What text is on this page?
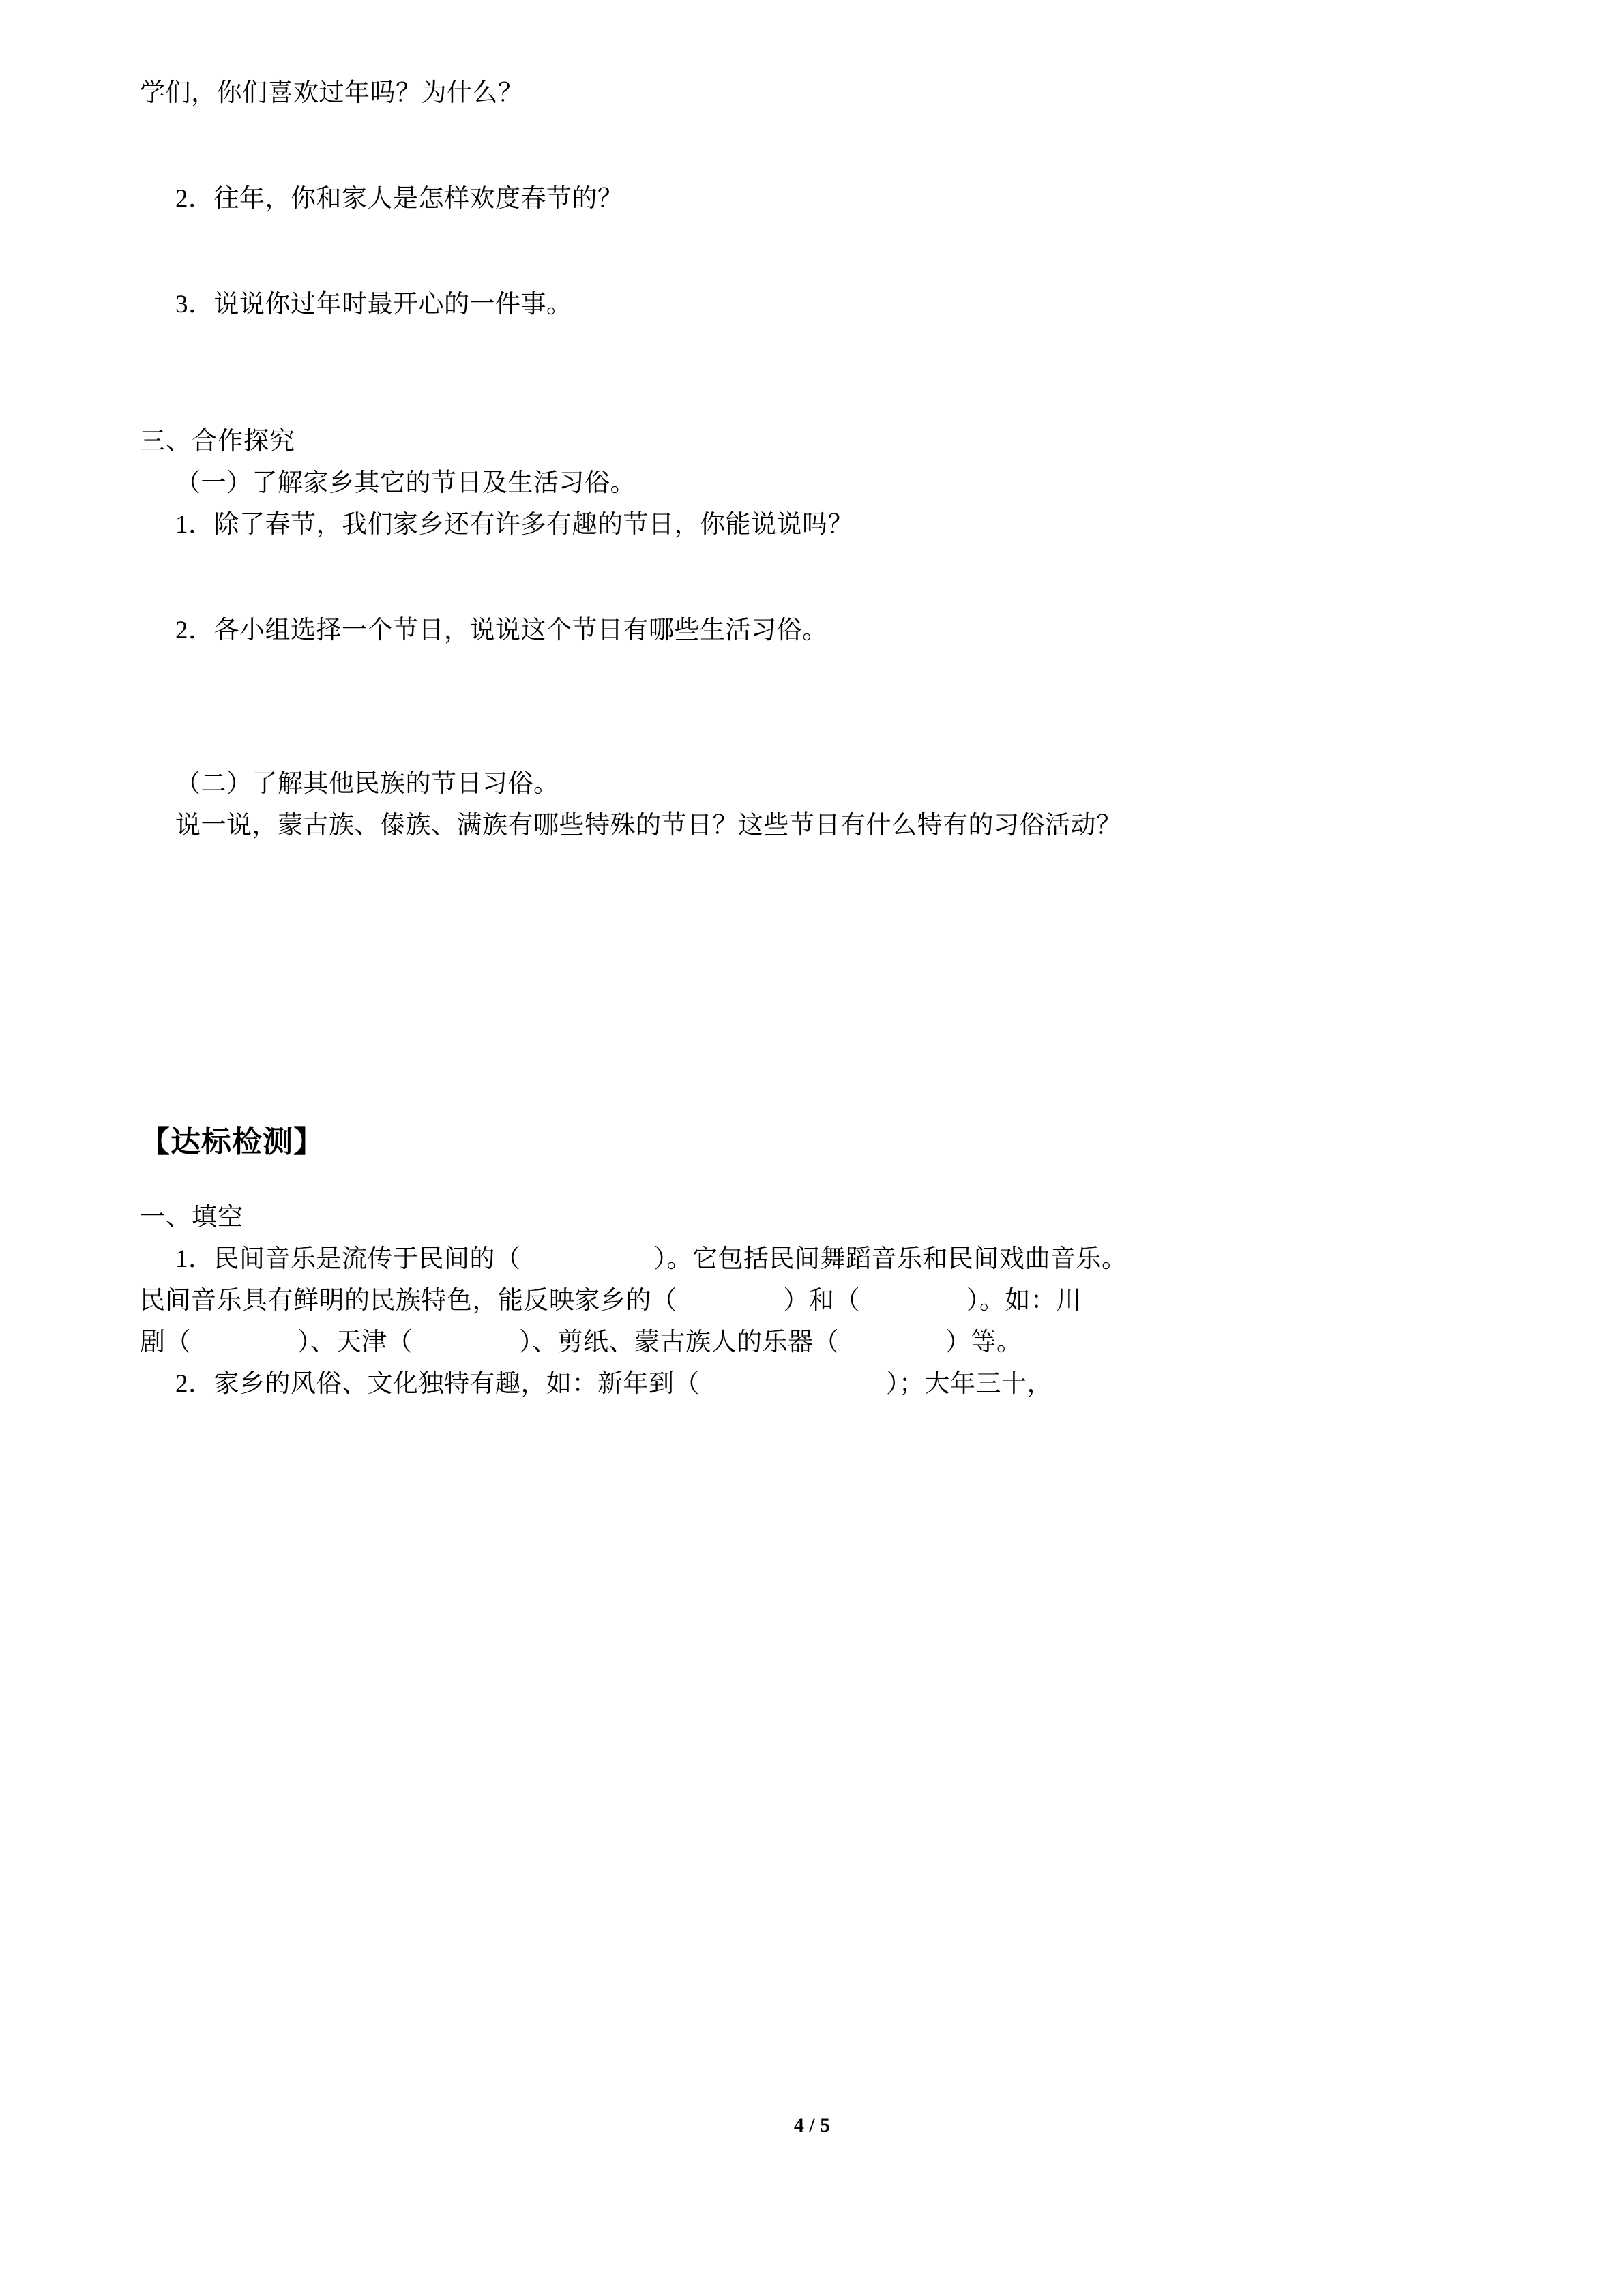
学们，你们喜欢过年吗？为什么？
2．往年，你和家人是怎样欢度春节的？
3．说说你过年时最开心的一件事。
三、合作探究
（一）了解家乡其它的节日及生活习俗。
1．除了春节，我们家乡还有许多有趣的节日，你能说说吗？
2．各小组选择一个节日，说说这个节日有哪些生活习俗。
（二）了解其他民族的节日习俗。
说一说，蒙古族、傣族、满族有哪些特殊的节日？这些节日有什么特有的习俗活动？
【达标检测】
一、填空
1．民间音乐是流传于民间的（                    ）。它包括民间舞蹈音乐和民间戏曲音乐。
民间音乐具有鲜明的民族特色，能反映家乡的（                ）和（                ）。如：川
剧（                ）、天津（                ）、剪纸、蒙古族人的乐器（                ）等。
2．家乡的风俗、文化独特有趣，如：新年到（                            ）；大年三十，
4 / 5
